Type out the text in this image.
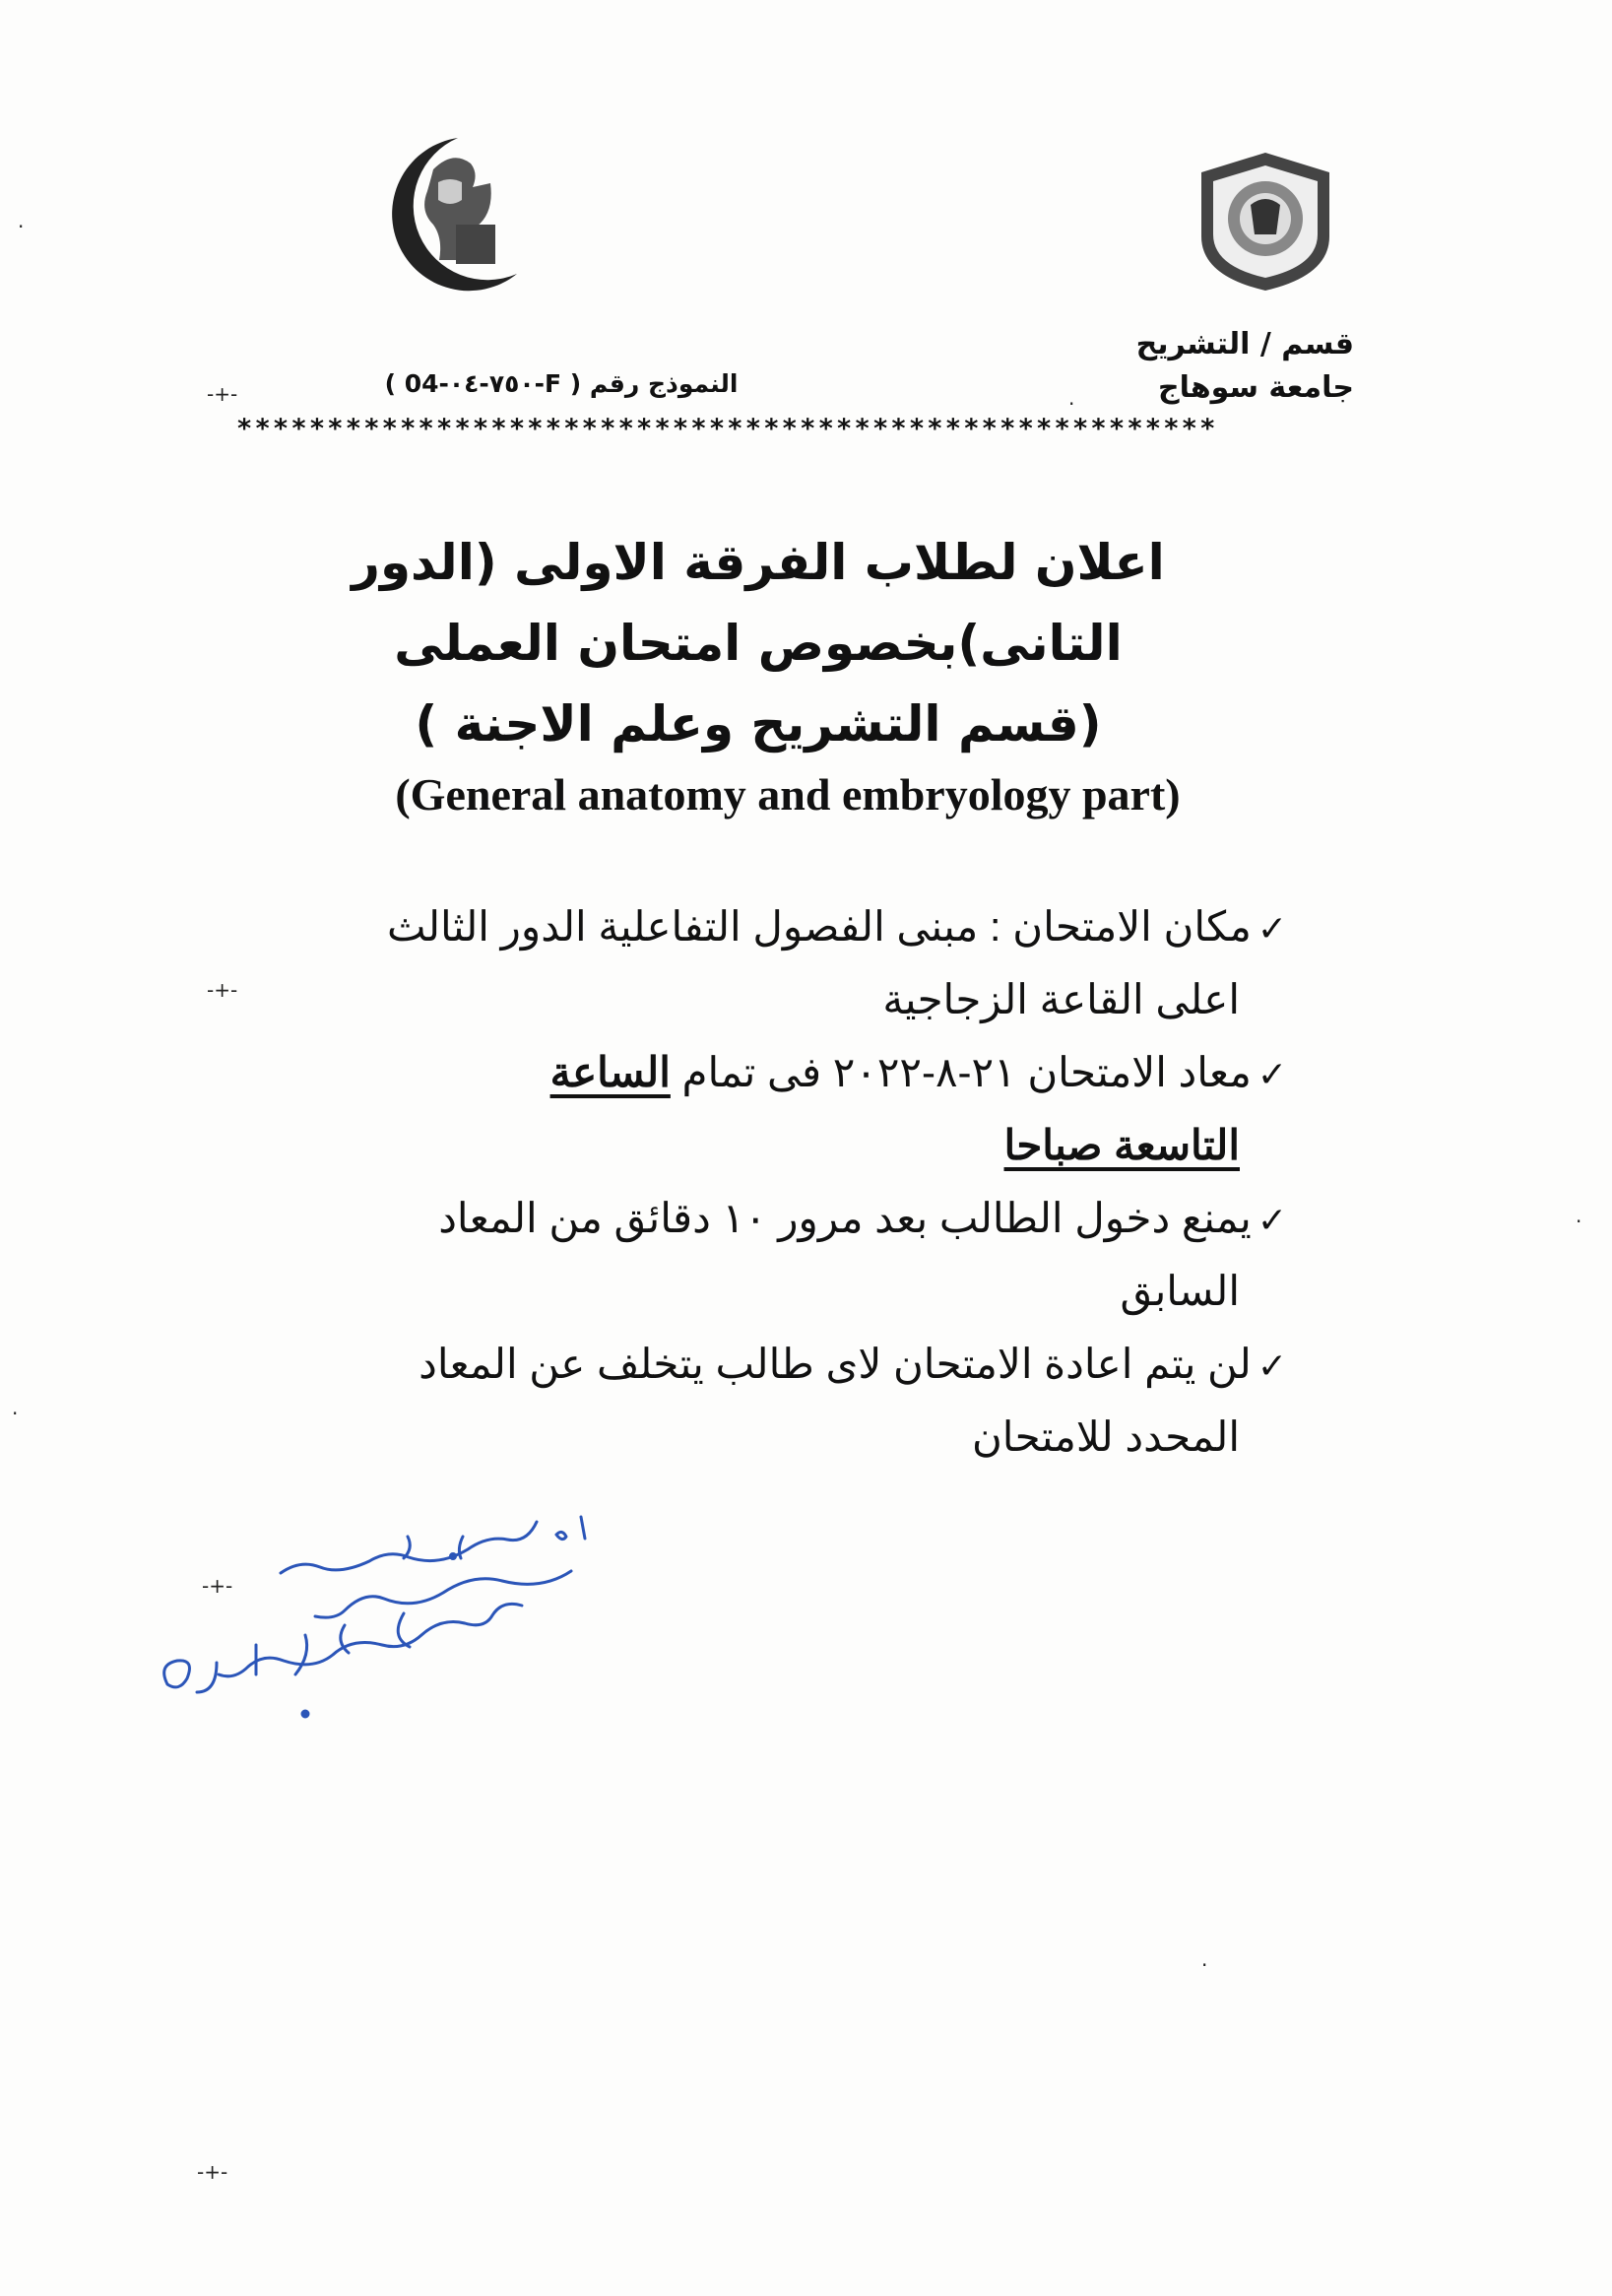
·
-+-	·
-+-
-+-
-+-
·
·
·
قسم / التشريح
جامعة سوهاج
النموذج رقم ( F-٧٥٠-٠٤-04 )
******************************************************
اعلان لطلاب الفرقة الاولى (الدور
التانى)بخصوص امتحان العملى
(قسم التشريح وعلم الاجنة )
(General anatomy and embryology part)
✓مكان الامتحان : مبنى الفصول التفاعلية الدور الثالث
اعلى القاعة الزجاجية
✓معاد الامتحان ٢١-٨-٢٠٢٢ فى تمام الساعة
التاسعة صباحا
✓يمنع دخول الطالب بعد مرور ١٠ دقائق من المعاد
السابق
✓لن يتم اعادة الامتحان لاى طالب يتخلف عن المعاد
المحدد للامتحان
